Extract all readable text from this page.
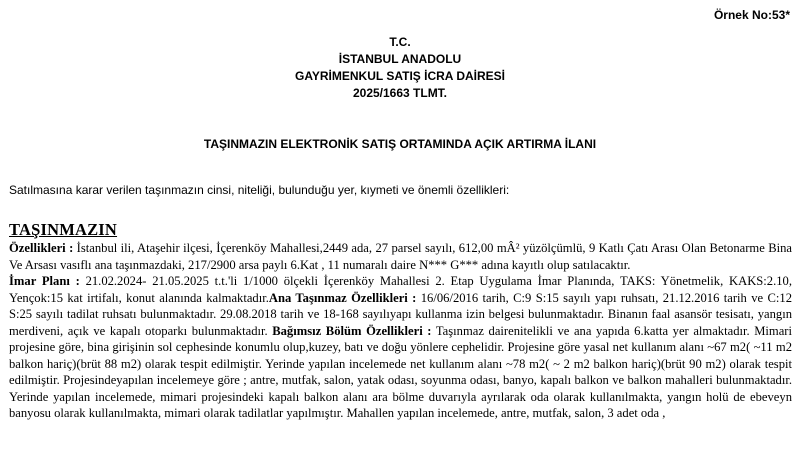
Örnek No:53*
T.C.
İSTANBUL ANADOLU
GAYRİMENKUL SATIŞ İCRA DAİRESİ
2025/1663 TLMT.
TAŞINMAZIN ELEKTRONİK SATIŞ ORTAMINDA AÇIK ARTIRMA İLANI
Satılmasına karar verilen taşınmazın cinsi, niteliği, bulunduğu yer, kıymeti ve önemli özellikleri:
TAŞINMAZIN
Özellikleri : İstanbul ili, Ataşehir ilçesi, İçerenköy Mahallesi,2449 ada, 27 parsel sayılı, 612,00 mÂ² yüzölçümlü, 9 Katlı Çatı Arası Olan Betonarme Bina Ve Arsası vasıflı ana taşınmazdaki, 217/2900 arsa paylı 6.Kat , 11 numaralı daire N*** G*** adına kayıtlı olup satılacaktır.
İmar Planı : 21.02.2024- 21.05.2025 t.t.'li 1/1000 ölçekli İçerenköy Mahallesi 2. Etap Uygulama İmar Planında, TAKS: Yönetmelik, KAKS:2.10, Yençok:15 kat irtifalı, konut alanında kalmaktadır.Ana Taşınmaz Özellikleri : 16/06/2016 tarih, C:9 S:15 sayılı yapı ruhsatı, 21.12.2016 tarih ve C:12 S:25 sayılı tadilat ruhsatı bulunmaktadır. 29.08.2018 tarih ve 18-168 sayılıyapı kullanma izin belgesi bulunmaktadır. Binanın faal asansör tesisatı, yangın merdiveni, açık ve kapalı otoparkı bulunmaktadır. Bağımsız Bölüm Özellikleri : Taşınmaz dairenitelikli ve ana yapıda 6.katta yer almaktadır. Mimari projesine göre, bina girişinin sol cephesinde konumlu olup,kuzey, batı ve doğu yönlere cephelidir. Projesine göre yasal net kullanım alanı ~67 m2( ~11 m2 balkon hariç)(brüt 88 m2) olarak tespit edilmiştir. Yerinde yapılan incelemede net kullanım alanı ~78 m2( ~ 2 m2 balkon hariç)(brüt 90 m2) olarak tespit edilmiştir. Projesindeyapılan incelemeye göre ; antre, mutfak, salon, yatak odası, soyunma odası, banyo, kapalı balkon ve balkon mahalleri bulunmaktadır. Yerinde yapılan incelemede, mimari projesindeki kapalı balkon alanı ara bölme duvarıyla ayrılarak oda olarak kullanılmakta, yangın holü de ebeveyn banyosu olarak kullanılmakta, mimari olarak tadilatlar yapılmıştır. Mahallen yapılan incelemede, antre, mutfak, salon, 3 adet oda ,
